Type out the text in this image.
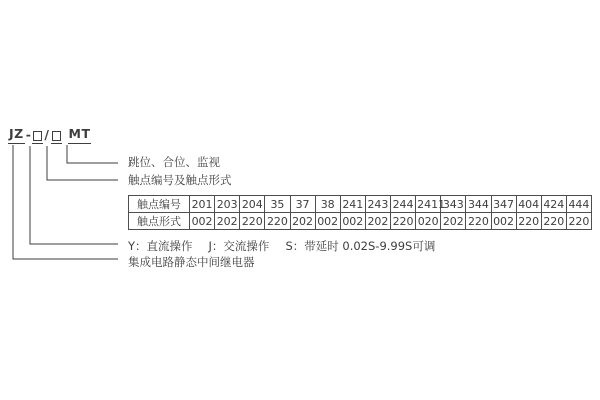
JZ - / MT
跳位、合位、监视
触点编号及触点形式
Y：直流操作 J：交流操作 S：带延时 0.02S-9.99S可调
集成电路静态中间继电器
触点编号	201	203	204	35	37	38	241	243	244	2411	343	344	347	404	424	444
触点形式	002	202	220	220	202	002	002	202	220	020	202	220	002	220	220	220
